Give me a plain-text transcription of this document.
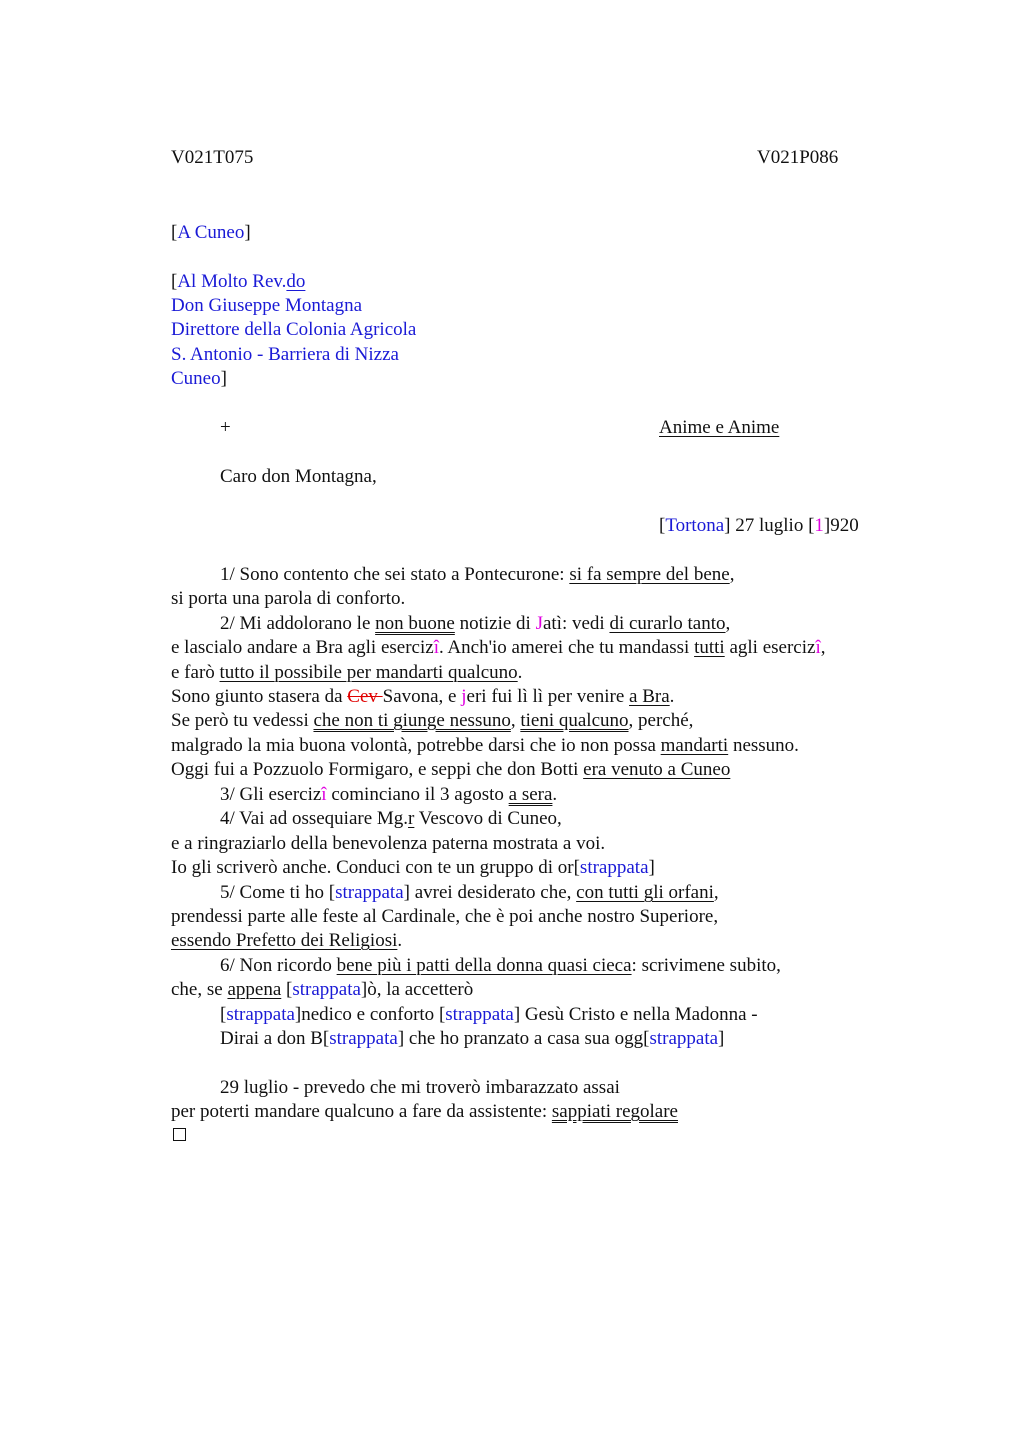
V021T075	V021P086
[A Cuneo]
[Al Molto Rev.do
Don Giuseppe Montagna
Direttore della Colonia Agricola
S. Antonio - Barriera di Nizza
Cuneo]
+	Anime e Anime
Caro don Montagna,
[Tortona] 27 luglio [1]920
1/ Sono contento che sei stato a Pontecurone: si fa sempre del bene,
si porta una parola di conforto.
2/ Mi addolorano le non buone notizie di Jatì: vedi di curarlo tanto,
e lascialo andare a Bra agli esercizî. Anch'io amerei che tu mandassi tutti agli esercizî,
e farò tutto il possibile per mandarti qualcuno.
Sono giunto stasera da Cev Savona, e jeri fui lì lì per venire a Bra.
Se però tu vedessi che non ti giunge nessuno, tieni qualcuno, perché,
malgrado la mia buona volontà, potrebbe darsi che io non possa mandarti nessuno.
Oggi fui a Pozzuolo Formigaro, e seppi che don Botti era venuto a Cuneo
3/ Gli esercizî cominciano il 3 agosto a sera.
4/ Vai ad ossequiare Mg.r Vescovo di Cuneo,
e a ringraziarlo della benevolenza paterna mostrata a voi.
Io gli scriverò anche. Conduci con te un gruppo di or[strappata]
5/ Come ti ho [strappata] avrei desiderato che, con tutti gli orfani,
prendessi parte alle feste al Cardinale, che è poi anche nostro Superiore,
essendo Prefetto dei Religiosi.
6/ Non ricordo bene più i patti della donna quasi cieca: scrivimene subito,
che, se appena [strappata]ò, la accetterò
[strappata]nedico e conforto [strappata] Gesù Cristo e nella Madonna -
Dirai a don B[strappata] che ho pranzato a casa sua ogg[strappata]
29 luglio - prevedo che mi troverò imbarazzato assai
per poterti mandare qualcuno a fare da assistente: sappiati regolare
